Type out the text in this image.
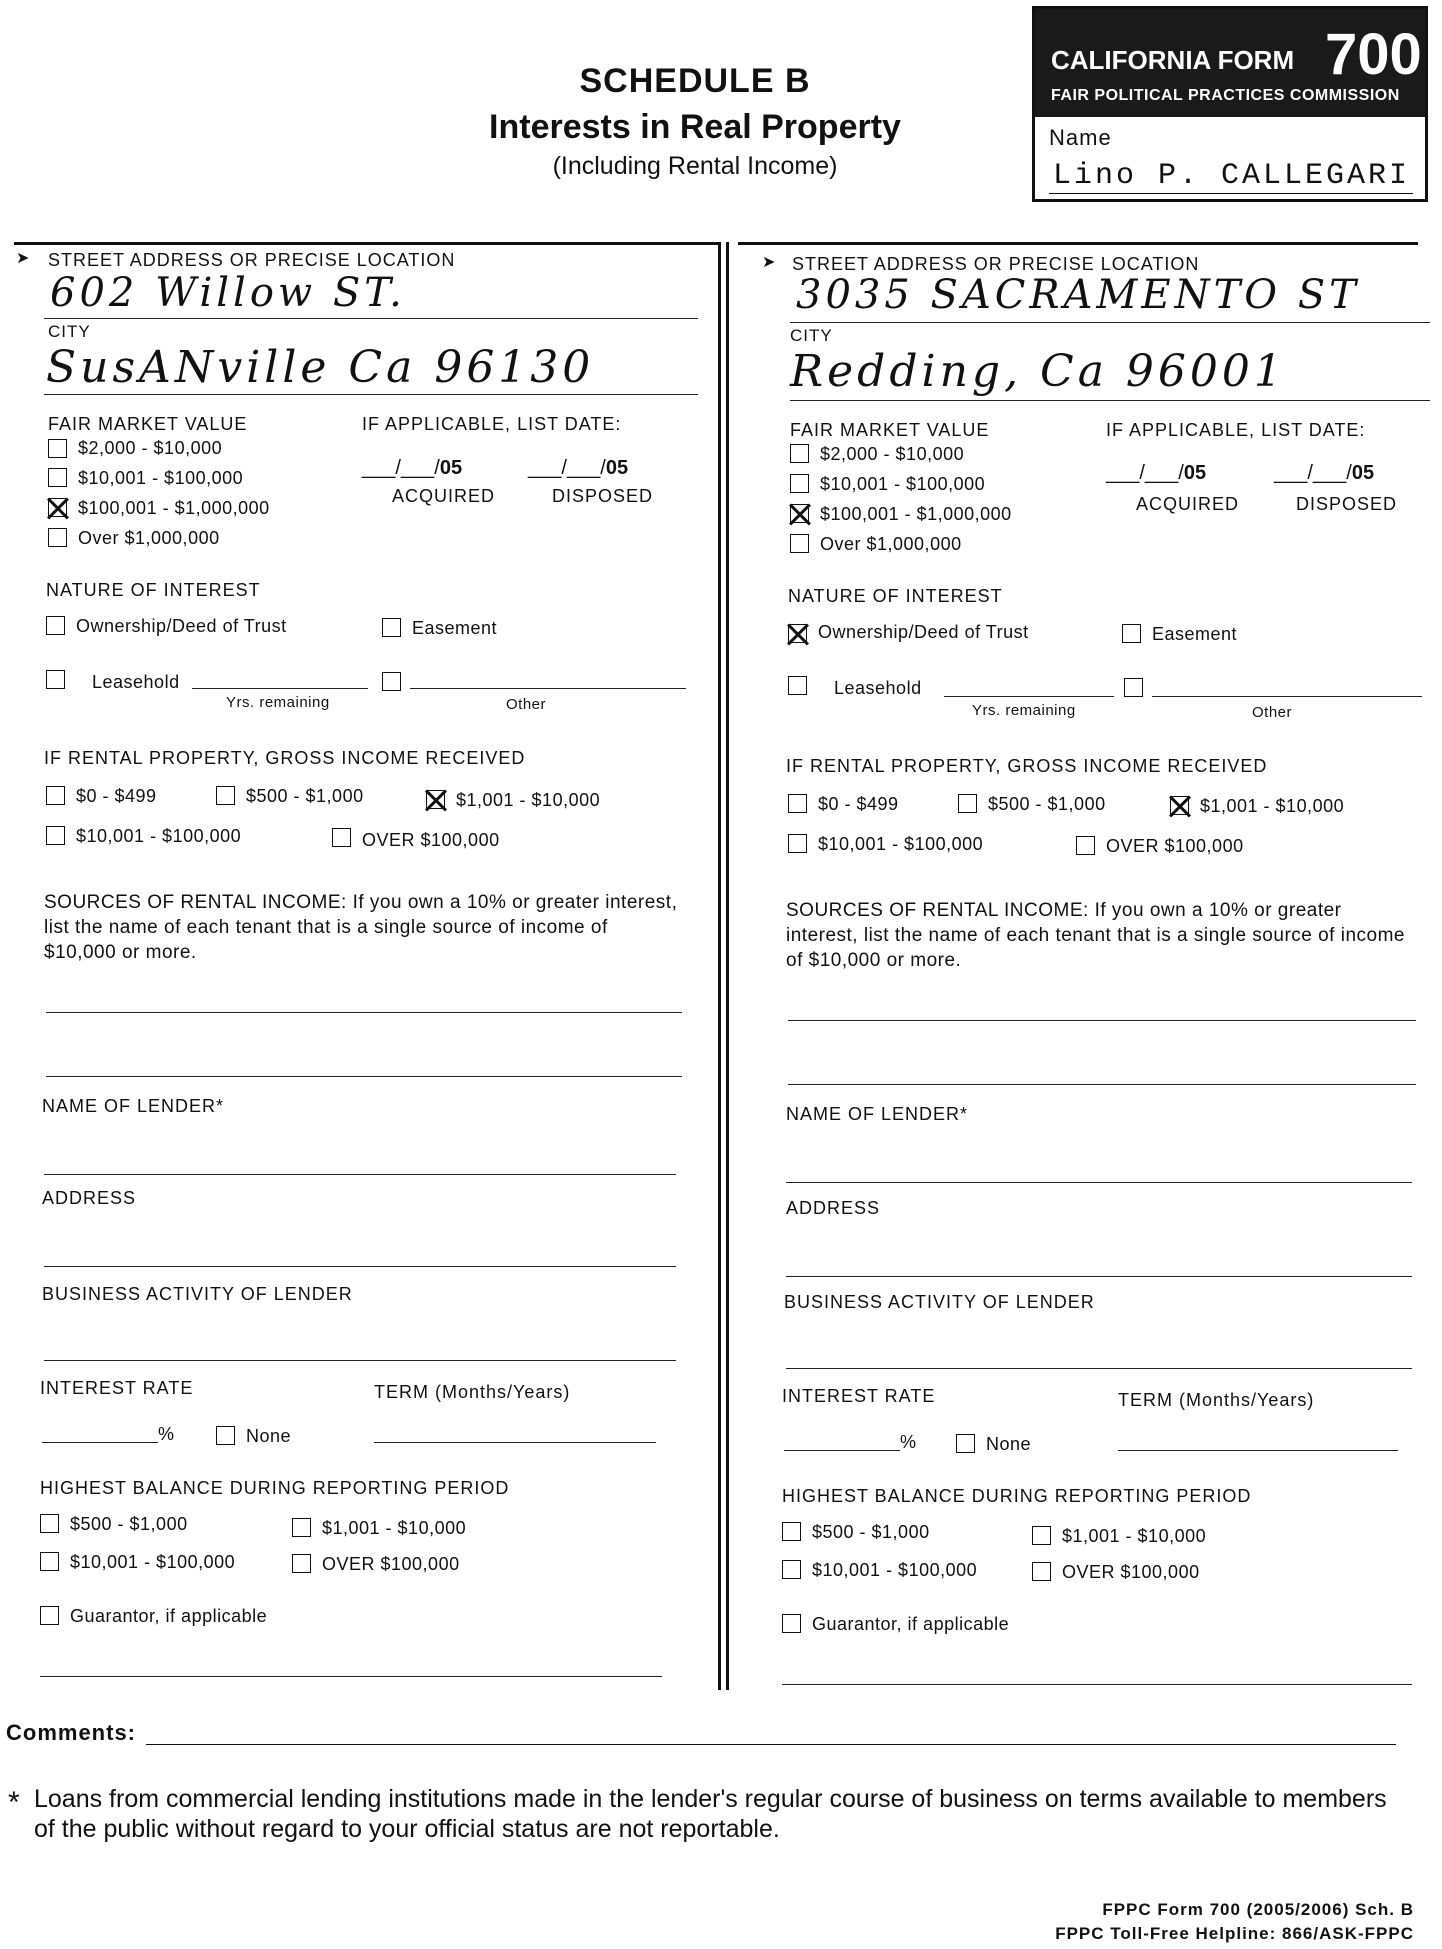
SCHEDULE B
Interests in Real Property
(Including Rental Income)
CALIFORNIA FORM 700
FAIR POLITICAL PRACTICES COMMISSION
Name
Lino P. CALLEGARI
➤ STREET ADDRESS OR PRECISE LOCATION
602 Willow ST.
CITY
SusANville Ca 96130
FAIR MARKET VALUE
$2,000 - $10,000
$10,001 - $100,000
$100,001 - $1,000,000
Over $1,000,000
IF APPLICABLE, LIST DATE:
___/___/05	___/___/05
ACQUIRED	DISPOSED
NATURE OF INTEREST
Ownership/Deed of Trust	Easement
Leasehold
Yrs. remaining	Other
IF RENTAL PROPERTY, GROSS INCOME RECEIVED
$0 - $499	$500 - $1,000	$1,001 - $10,000
$10,001 - $100,000	OVER $100,000
SOURCES OF RENTAL INCOME: If you own a 10% or greater interest, list the name of each tenant that is a single source of income of $10,000 or more.
NAME OF LENDER*
ADDRESS
BUSINESS ACTIVITY OF LENDER
INTEREST RATE	TERM (Months/Years)
%	None
HIGHEST BALANCE DURING REPORTING PERIOD
$500 - $1,000	$1,001 - $10,000
$10,001 - $100,000	OVER $100,000
Guarantor, if applicable
➤ STREET ADDRESS OR PRECISE LOCATION
3035 SACRAMENTO ST
CITY
Redding, Ca 96001
FAIR MARKET VALUE
$2,000 - $10,000
$10,001 - $100,000
$100,001 - $1,000,000
Over $1,000,000
IF APPLICABLE, LIST DATE:
___/___/05	___/___/05
ACQUIRED	DISPOSED
NATURE OF INTEREST
Ownership/Deed of Trust	Easement
Leasehold
Yrs. remaining	Other
IF RENTAL PROPERTY, GROSS INCOME RECEIVED
$0 - $499	$500 - $1,000	$1,001 - $10,000
$10,001 - $100,000	OVER $100,000
SOURCES OF RENTAL INCOME: If you own a 10% or greater interest, list the name of each tenant that is a single source of income of $10,000 or more.
NAME OF LENDER*
ADDRESS
BUSINESS ACTIVITY OF LENDER
INTEREST RATE	TERM (Months/Years)
%	None
HIGHEST BALANCE DURING REPORTING PERIOD
$500 - $1,000	$1,001 - $10,000
$10,001 - $100,000	OVER $100,000
Guarantor, if applicable
Comments:
* Loans from commercial lending institutions made in the lender's regular course of business on terms available to members of the public without regard to your official status are not reportable.
FPPC Form 700 (2005/2006) Sch. B
FPPC Toll-Free Helpline: 866/ASK-FPPC
